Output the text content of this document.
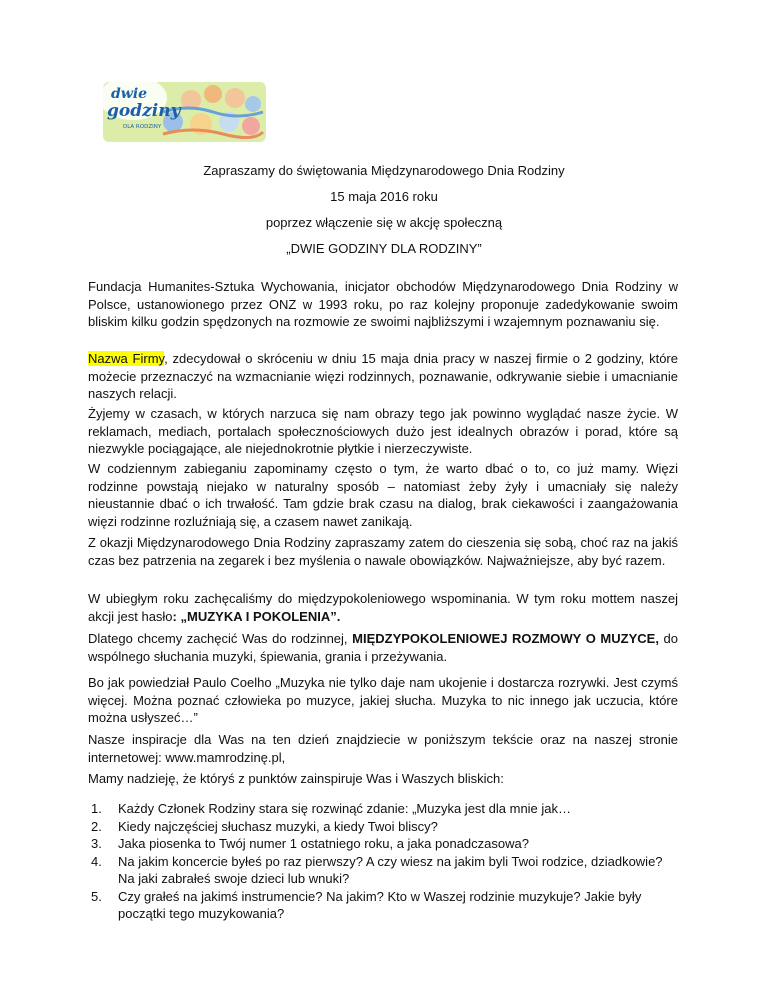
dwie
godziny
DLA RODZINY
Zapraszamy do świętowania Międzynarodowego Dnia Rodziny
15 maja 2016 roku
poprzez włączenie się w akcję społeczną
„DWIE GODZINY DLA RODZINY”

Fundacja Humanites-Sztuka Wychowania, inicjator obchodów Międzynarodowego Dnia Rodziny w Polsce, ustanowionego przez ONZ w 1993 roku, po raz kolejny proponuje zadedykowanie swoim bliskim kilku godzin spędzonych na rozmowie ze swoimi najbliższymi i wzajemnym poznawaniu się.

Nazwa Firmy, zdecydował o skróceniu w dniu 15 maja dnia pracy w naszej firmie o 2 godziny, które możecie przeznaczyć na wzmacnianie więzi rodzinnych, poznawanie, odkrywanie siebie i umacnianie naszych relacji.

Żyjemy w czasach, w których narzuca się nam obrazy tego jak powinno wyglądać nasze życie. W reklamach, mediach, portalach społecznościowych dużo jest idealnych obrazów i porad, które są niezwykle pociągające, ale niejednokrotnie płytkie i nierzeczywiste.

W codziennym zabieganiu zapominamy często o tym, że warto dbać o to, co już mamy. Więzi rodzinne powstają niejako w naturalny sposób – natomiast żeby żyły i umacniały się należy nieustannie dbać o ich trwałość. Tam gdzie brak czasu na dialog, brak ciekawości i zaangażowania więzi rodzinne rozluźniają się, a czasem nawet zanikają.

Z okazji Międzynarodowego Dnia Rodziny zapraszamy zatem do cieszenia się sobą, choć raz na jakiś czas bez patrzenia na zegarek i bez myślenia o nawale obowiązków. Najważniejsze, aby być razem.

W ubiegłym roku zachęcaliśmy do międzypokoleniowego wspominania. W tym roku mottem naszej akcji jest hasło: „MUZYKA I POKOLENIA”.

Dlatego chcemy zachęcić Was do rodzinnej, MIĘDZYPOKOLENIOWEJ ROZMOWY O MUZYCE, do wspólnego słuchania muzyki, śpiewania, grania i przeżywania.

Bo jak powiedział Paulo Coelho „Muzyka nie tylko daje nam ukojenie i dostarcza rozrywki. Jest czymś więcej. Można poznać człowieka po muzyce, jakiej słucha. Muzyka to nic innego jak uczucia, które można usłyszeć…”

Nasze inspiracje dla Was na ten dzień znajdziecie w poniższym tekście oraz na naszej stronie internetowej: www.mamrodzinę.pl,

Mamy nadzieję, że któryś z punktów zainspiruje Was i Waszych bliskich:

1. Każdy Członek Rodziny stara się rozwinąć zdanie: „Muzyka jest dla mnie jak…
2. Kiedy najczęściej słuchasz muzyki, a kiedy Twoi bliscy?
3. Jaka piosenka to Twój numer 1 ostatniego roku, a jaka ponadczasowa?
4. Na jakim koncercie byłeś po raz pierwszy? A czy wiesz na jakim byli Twoi rodzice, dziadkowie? Na jaki zabrałeś swoje dzieci lub wnuki?
5. Czy grałeś na jakimś instrumencie? Na jakim? Kto w Waszej rodzinie muzykuje? Jakie były początki tego muzykowania?
